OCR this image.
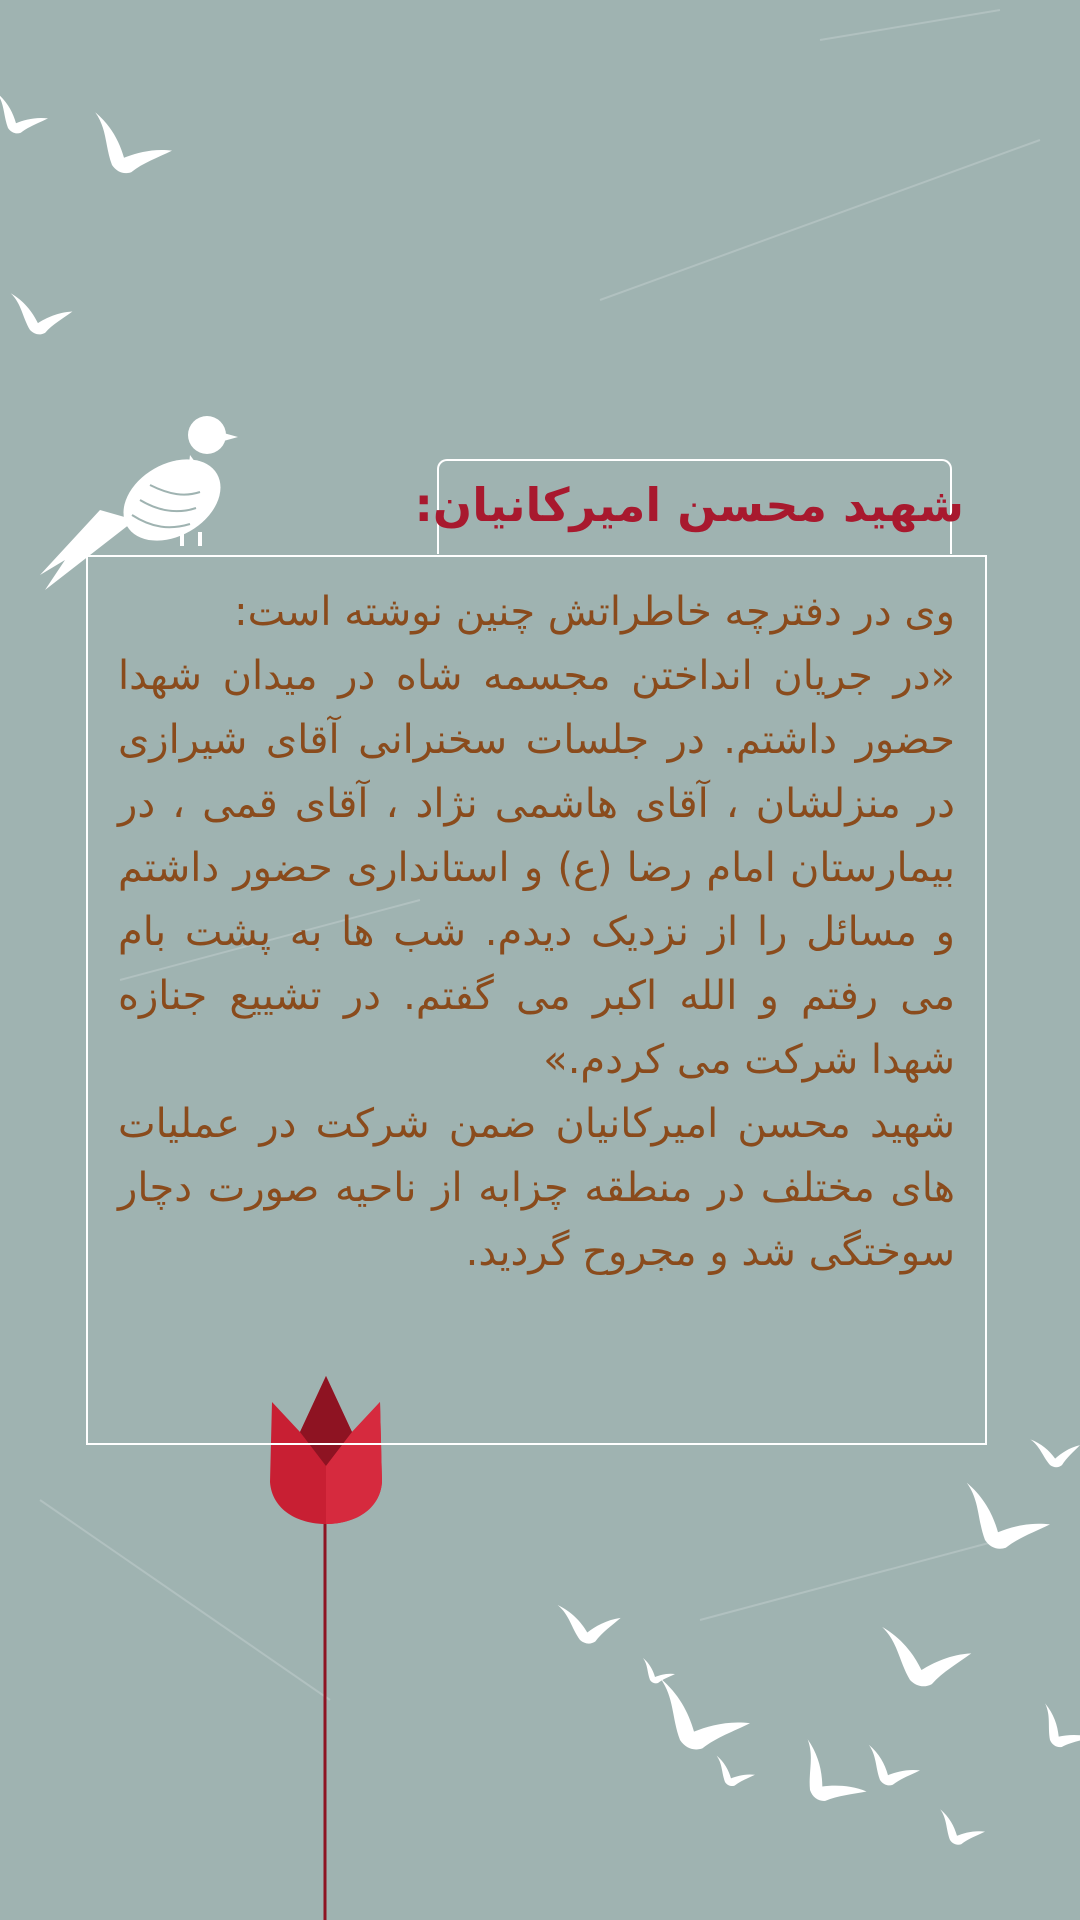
شهید محسن امیرکانیان:

وی در دفترچه خاطراتش چنین نوشته است:
«در جریان انداختن مجسمه شاه در میدان شهدا حضور داشتم. در جلسات سخنرانی آقای شیرازی در منزلشان ، آقای هاشمی نژاد ، آقای قمی ، در بیمارستان امام رضا (ع) و استانداری حضور داشتم و مسائل را از نزدیک دیدم. شب ها به پشت بام می رفتم و الله اکبر می گفتم. در تشییع جنازه شهدا شرکت می کردم.»
شهید محسن امیرکانیان ضمن شرکت در عملیات های مختلف در منطقه چزابه از ناحیه صورت دچار سوختگی شد و مجروح گردید.
